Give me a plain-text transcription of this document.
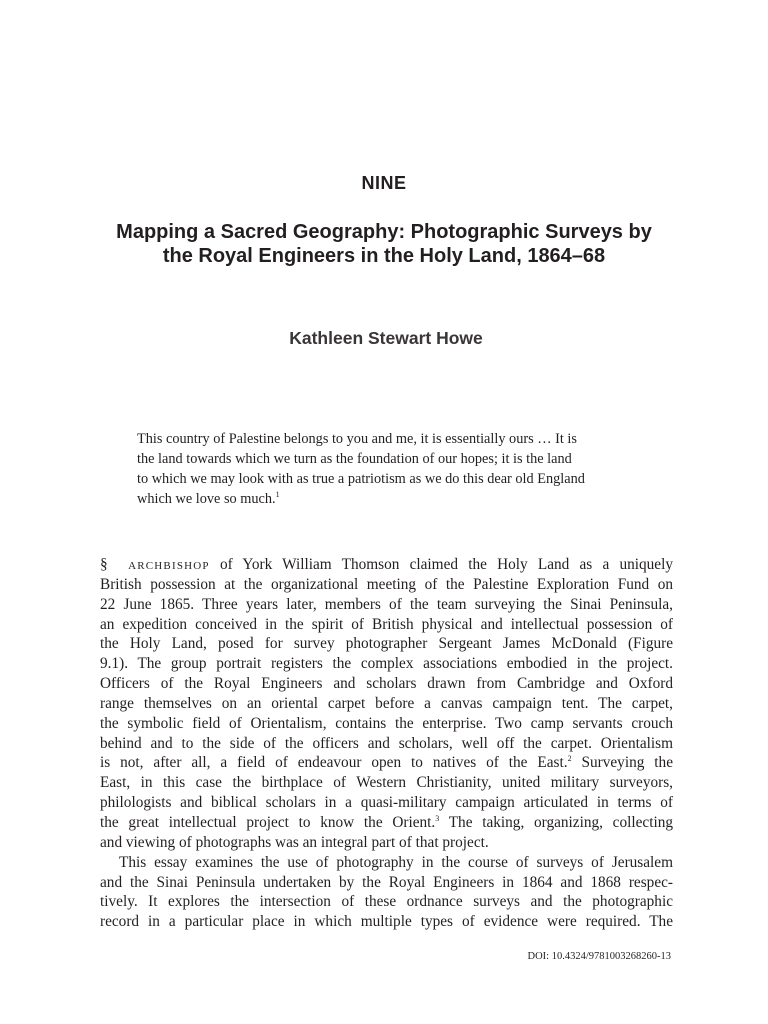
NINE
Mapping a Sacred Geography: Photographic Surveys by the Royal Engineers in the Holy Land, 1864–68
Kathleen Stewart Howe
This country of Palestine belongs to you and me, it is essentially ours … It is
the land towards which we turn as the foundation of our hopes; it is the land
to which we may look with as true a patriotism as we do this dear old England
which we love so much.$^1$
§ archbishop of York William Thomson claimed the Holy Land as a uniquely
British possession at the organizational meeting of the Palestine Exploration Fund on
22 June 1865. Three years later, members of the team surveying the Sinai Peninsula,
an expedition conceived in the spirit of British physical and intellectual possession of
the Holy Land, posed for survey photographer Sergeant James McDonald (Figure
9.1). The group portrait registers the complex associations embodied in the project.
Officers of the Royal Engineers and scholars drawn from Cambridge and Oxford
range themselves on an oriental carpet before a canvas campaign tent. The carpet,
the symbolic field of Orientalism, contains the enterprise. Two camp servants crouch
behind and to the side of the officers and scholars, well off the carpet. Orientalism
is not, after all, a field of endeavour open to natives of the East.$^2$ Surveying the
East, in this case the birthplace of Western Christianity, united military surveyors,
philologists and biblical scholars in a quasi-military campaign articulated in terms of
the great intellectual project to know the Orient.$^3$ The taking, organizing, collecting
and viewing of photographs was an integral part of that project.
This essay examines the use of photography in the course of surveys of Jerusalem
and the Sinai Peninsula undertaken by the Royal Engineers in 1864 and 1868 respec-
tively. It explores the intersection of these ordnance surveys and the photographic
record in a particular place in which multiple types of evidence were required. The
DOI: 10.4324/9781003268260-13
